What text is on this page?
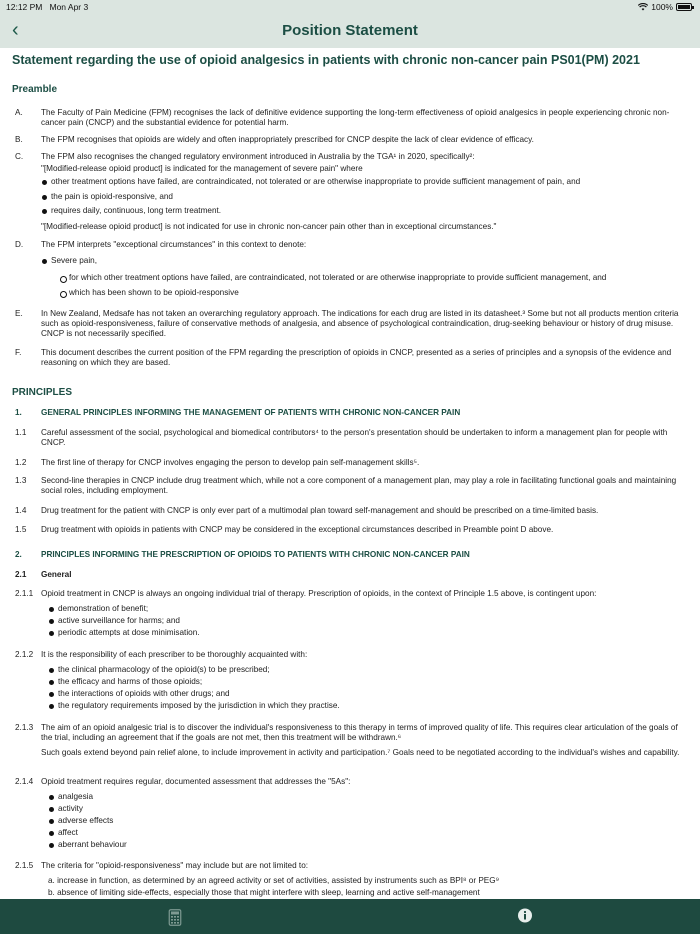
12:12 PM Mon Apr 3	100%
‹	Position Statement
Statement regarding the use of opioid analgesics in patients with chronic non-cancer pain PS01(PM) 2021
Preamble
A. The Faculty of Pain Medicine (FPM) recognises the lack of definitive evidence supporting the long-term effectiveness of opioid analgesics in people experiencing chronic non-cancer pain (CNCP) and the substantial evidence for potential harm.
B. The FPM recognises that opioids are widely and often inappropriately prescribed for CNCP despite the lack of clear evidence of efficacy.
C. The FPM also recognises the changed regulatory environment introduced in Australia by the TGA¹ in 2020, specifically²:
"[Modified-release opioid product] is indicated for the management of severe pain" where
other treatment options have failed, are contraindicated, not tolerated or are otherwise inappropriate to provide sufficient management of pain, and
the pain is opioid-responsive, and
requires daily, continuous, long term treatment.
"[Modified-release opioid product] is not indicated for use in chronic non-cancer pain other than in exceptional circumstances."
D. The FPM interprets "exceptional circumstances" in this context to denote:
Severe pain,
for which other treatment options have failed, are contraindicated, not tolerated or are otherwise inappropriate to provide sufficient management, and
which has been shown to be opioid-responsive
E. In New Zealand, Medsafe has not taken an overarching regulatory approach. The indications for each drug are listed in its datasheet.³ Some but not all products mention criteria such as opioid-responsiveness, failure of conservative methods of analgesia, and absence of psychological contraindication, drug-seeking behaviour or history of drug misuse. CNCP is not necessarily specified.
F. This document describes the current position of the FPM regarding the prescription of opioids in CNCP, presented as a series of principles and a synopsis of the evidence and reasoning on which they are based.
PRINCIPLES
1. GENERAL PRINCIPLES INFORMING THE MANAGEMENT OF PATIENTS WITH CHRONIC NON-CANCER PAIN
1.1 Careful assessment of the social, psychological and biomedical contributors⁴ to the person's presentation should be undertaken to inform a management plan for people with CNCP.
1.2 The first line of therapy for CNCP involves engaging the person to develop pain self-management skills⁵.
1.3 Second-line therapies in CNCP include drug treatment which, while not a core component of a management plan, may play a role in facilitating functional goals and maintaining social roles, including employment.
1.4 Drug treatment for the patient with CNCP is only ever part of a multimodal plan toward self-management and should be prescribed on a time-limited basis.
1.5 Drug treatment with opioids in patients with CNCP may be considered in the exceptional circumstances described in Preamble point D above.
2. PRINCIPLES INFORMING THE PRESCRIPTION OF OPIOIDS TO PATIENTS WITH CHRONIC NON-CANCER PAIN
2.1 General
2.1.1 Opioid treatment in CNCP is always an ongoing individual trial of therapy. Prescription of opioids, in the context of Principle 1.5 above, is contingent upon:
demonstration of benefit;
active surveillance for harms; and
periodic attempts at dose minimisation.
2.1.2 It is the responsibility of each prescriber to be thoroughly acquainted with:
the clinical pharmacology of the opioid(s) to be prescribed;
the efficacy and harms of those opioids;
the interactions of opioids with other drugs; and
the regulatory requirements imposed by the jurisdiction in which they practise.
2.1.3 The aim of an opioid analgesic trial is to discover the individual's responsiveness to this therapy in terms of improved quality of life. This requires clear articulation of the goals of the trial, including an agreement that if the goals are not met, then this treatment will be withdrawn.⁶
Such goals extend beyond pain relief alone, to include improvement in activity and participation.⁷ Goals need to be negotiated according to the individual's wishes and capability.
2.1.4 Opioid treatment requires regular, documented assessment that addresses the "5As":
analgesia
activity
adverse effects
affect
aberrant behaviour
2.1.5 The criteria for "opioid-responsiveness" may include but are not limited to:
a. increase in function, as determined by an agreed activity or set of activities, assisted by instruments such as BPI⁸ or PEG⁹
b. absence of limiting side-effects, especially those that might interfere with sleep, learning and active self-management
